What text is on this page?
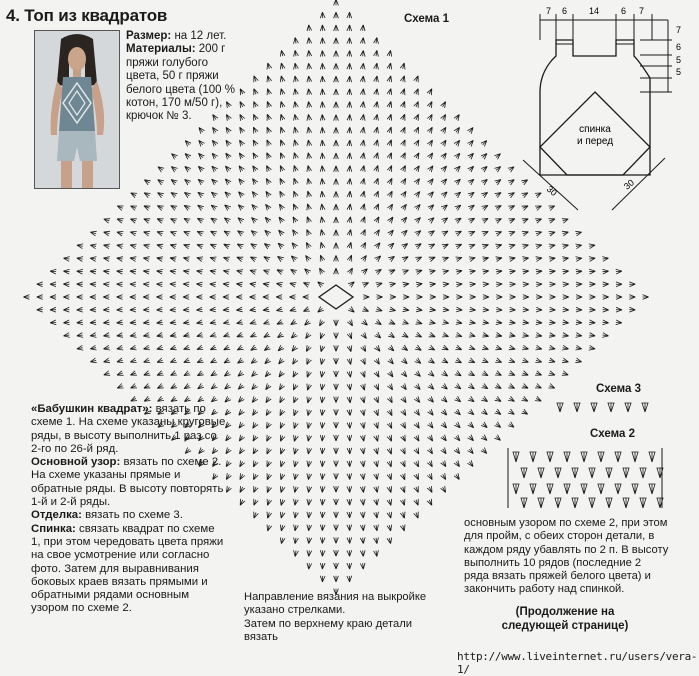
4. Топ из квадратов
Размер: на 12 лет.
Материалы: 200 г пряжи голубого цвета, 50 г пряжи белого цвета (100 % котон, 170 м/50 г), крючок № 3.
Схема 1
Схема 3
Схема 2
7 6 14 6 7
7
6
5
5
спинка
и перед
30	30

«Бабушкин квадрат»: вязать по схеме 1. На схеме указаны круговые ряды, в высоту выполнить 1 раз со 2-го по 26-й ряд.

Основной узор: вязать по схеме 2. На схеме указаны прямые и обратные ряды. В высоту повторять 1-й и 2-й ряды.

Отделка: вязать по схеме 3.

Спинка: связать квадрат по схеме 1, при этом чередовать цвета пряжи на свое усмотрение или согласно фото. Затем для выравнивания боковых краев вязать прямыми и обратными рядами основным узором по схеме 2.

Направление вязания на выкройке указано стрелками.
Затем по верхнему краю детали вязать
основным узором по схеме 2, при этом для пройм, с обеих сторон детали, в каждом ряду убавлять по 2 п. В высоту выполнить 10 рядов (последние 2 ряда вязать пряжей белого цвета) и закончить работу над спинкой.
(Продолжение на следующей странице)
http://www.liveinternet.ru/users/vera-1/
